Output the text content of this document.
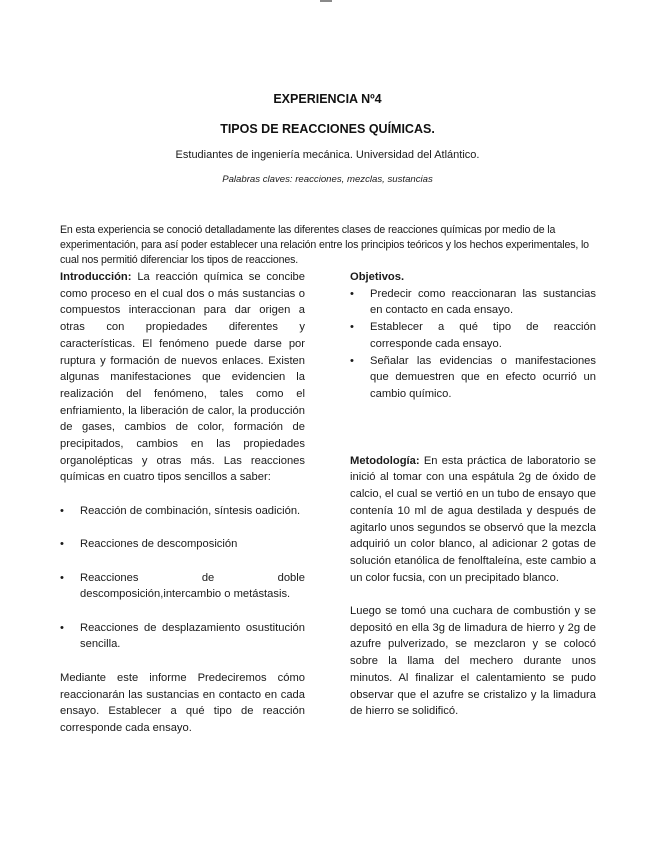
EXPERIENCIA Nº4
TIPOS DE REACCIONES QUÍMICAS.
Estudiantes de ingeniería mecánica. Universidad del Atlántico.
Palabras claves: reacciones, mezclas, sustancias
En esta experiencia se conoció detalladamente las diferentes clases de reacciones químicas por medio de la experimentación, para así poder establecer una relación entre los principios teóricos y los hechos experimentales, lo cual nos permitió diferenciar los tipos de reacciones.

Introducción: La reacción química se concibe como proceso en el cual dos o más sustancias o compuestos interaccionan para dar origen a otras con propiedades diferentes y características. El fenómeno puede darse por ruptura y formación de nuevos enlaces. Existen algunas manifestaciones que evidencien la realización del fenómeno, tales como el enfriamiento, la liberación de calor, la producción de gases, cambios de color, formación de precipitados, cambios en las propiedades organolépticas y otras más. Las reacciones químicas en cuatro tipos sencillos a saber:

• Reacción de combinación, síntesis oadición.
• Reacciones de descomposición
• Reacciones de doble descomposición,intercambio o metástasis.
• Reacciones de desplazamiento osustitución sencilla.

Mediante este informe Predeciremos cómo reaccionarán las sustancias en contacto en cada ensayo. Establecer a qué tipo de reacción corresponde cada ensayo.

Objetivos.

• Predecir como reaccionaran las sustancias en contacto en cada ensayo.
• Establecer a qué tipo de reacción corresponde cada ensayo.
• Señalar las evidencias o manifestaciones que demuestren que en efecto ocurrió un cambio químico.

Metodología: En esta práctica de laboratorio se inició al tomar con una espátula 2g de óxido de calcio, el cual se vertió en un tubo de ensayo que contenía 10 ml de agua destilada y después de agitarlo unos segundos se observó que la mezcla adquirió un color blanco, al adicionar 2 gotas de solución etanólica de fenolftaleína, este cambio a un color fucsia, con un precipitado blanco.

Luego se tomó una cuchara de combustión y se depositó en ella 3g de limadura de hierro y 2g de azufre pulverizado, se mezclaron y se colocó sobre la llama del mechero durante unos minutos. Al finalizar el calentamiento se pudo observar que el azufre se cristalizo y la limadura de hierro se solidificó.
